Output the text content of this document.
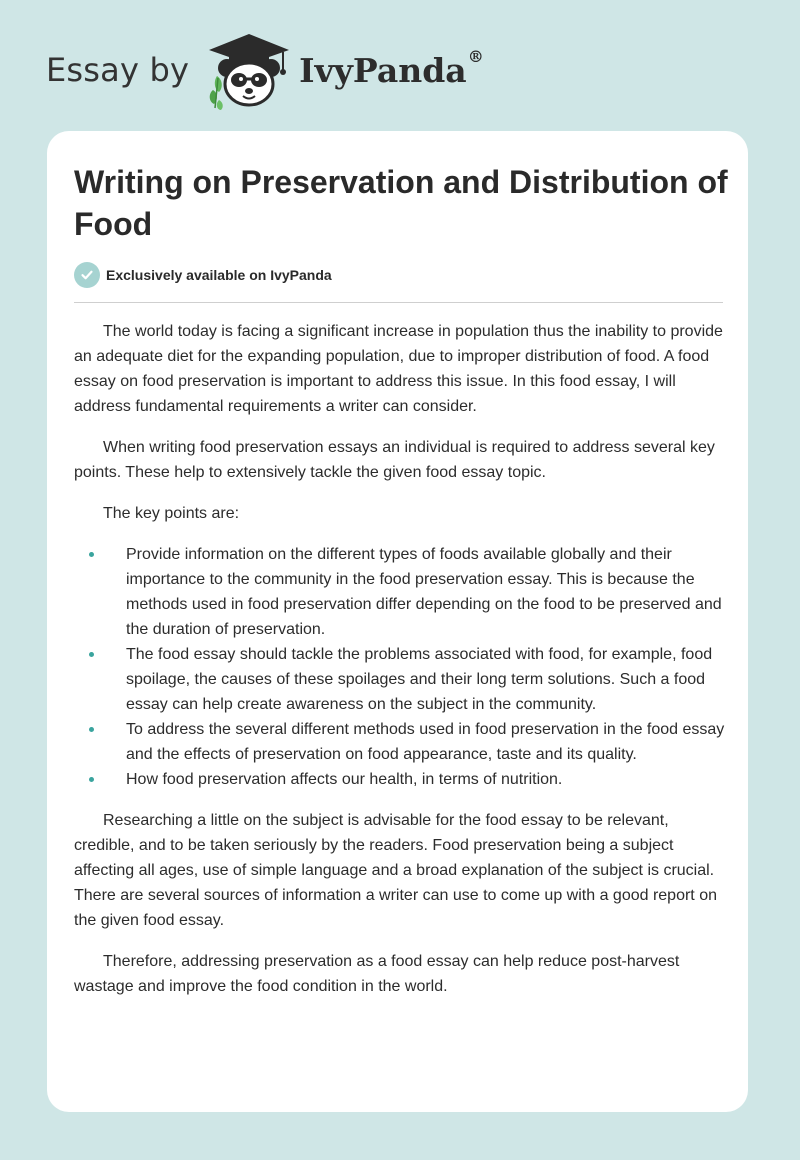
Essay by	IvyPanda®
Writing on Preservation and Distribution of Food
Exclusively available on IvyPanda

The world today is facing a significant increase in population thus the inability to provide an adequate diet for the expanding population, due to improper distribution of food. A food essay on food preservation is important to address this issue. In this food essay, I will address fundamental requirements a writer can consider.

When writing food preservation essays an individual is required to address several key points. These help to extensively tackle the given food essay topic.

The key points are:

Provide information on the different types of foods available globally and their importance to the community in the food preservation essay. This is because the methods used in food preservation differ depending on the food to be preserved and the duration of preservation.
The food essay should tackle the problems associated with food, for example, food spoilage, the causes of these spoilages and their long term solutions. Such a food essay can help create awareness on the subject in the community.
To address the several different methods used in food preservation in the food essay and the effects of preservation on food appearance, taste and its quality.
How food preservation affects our health, in terms of nutrition.

Researching a little on the subject is advisable for the food essay to be relevant, credible, and to be taken seriously by the readers. Food preservation being a subject affecting all ages, use of simple language and a broad explanation of the subject is crucial. There are several sources of information a writer can use to come up with a good report on the given food essay.

Therefore, addressing preservation as a food essay can help reduce post-harvest wastage and improve the food condition in the world.
